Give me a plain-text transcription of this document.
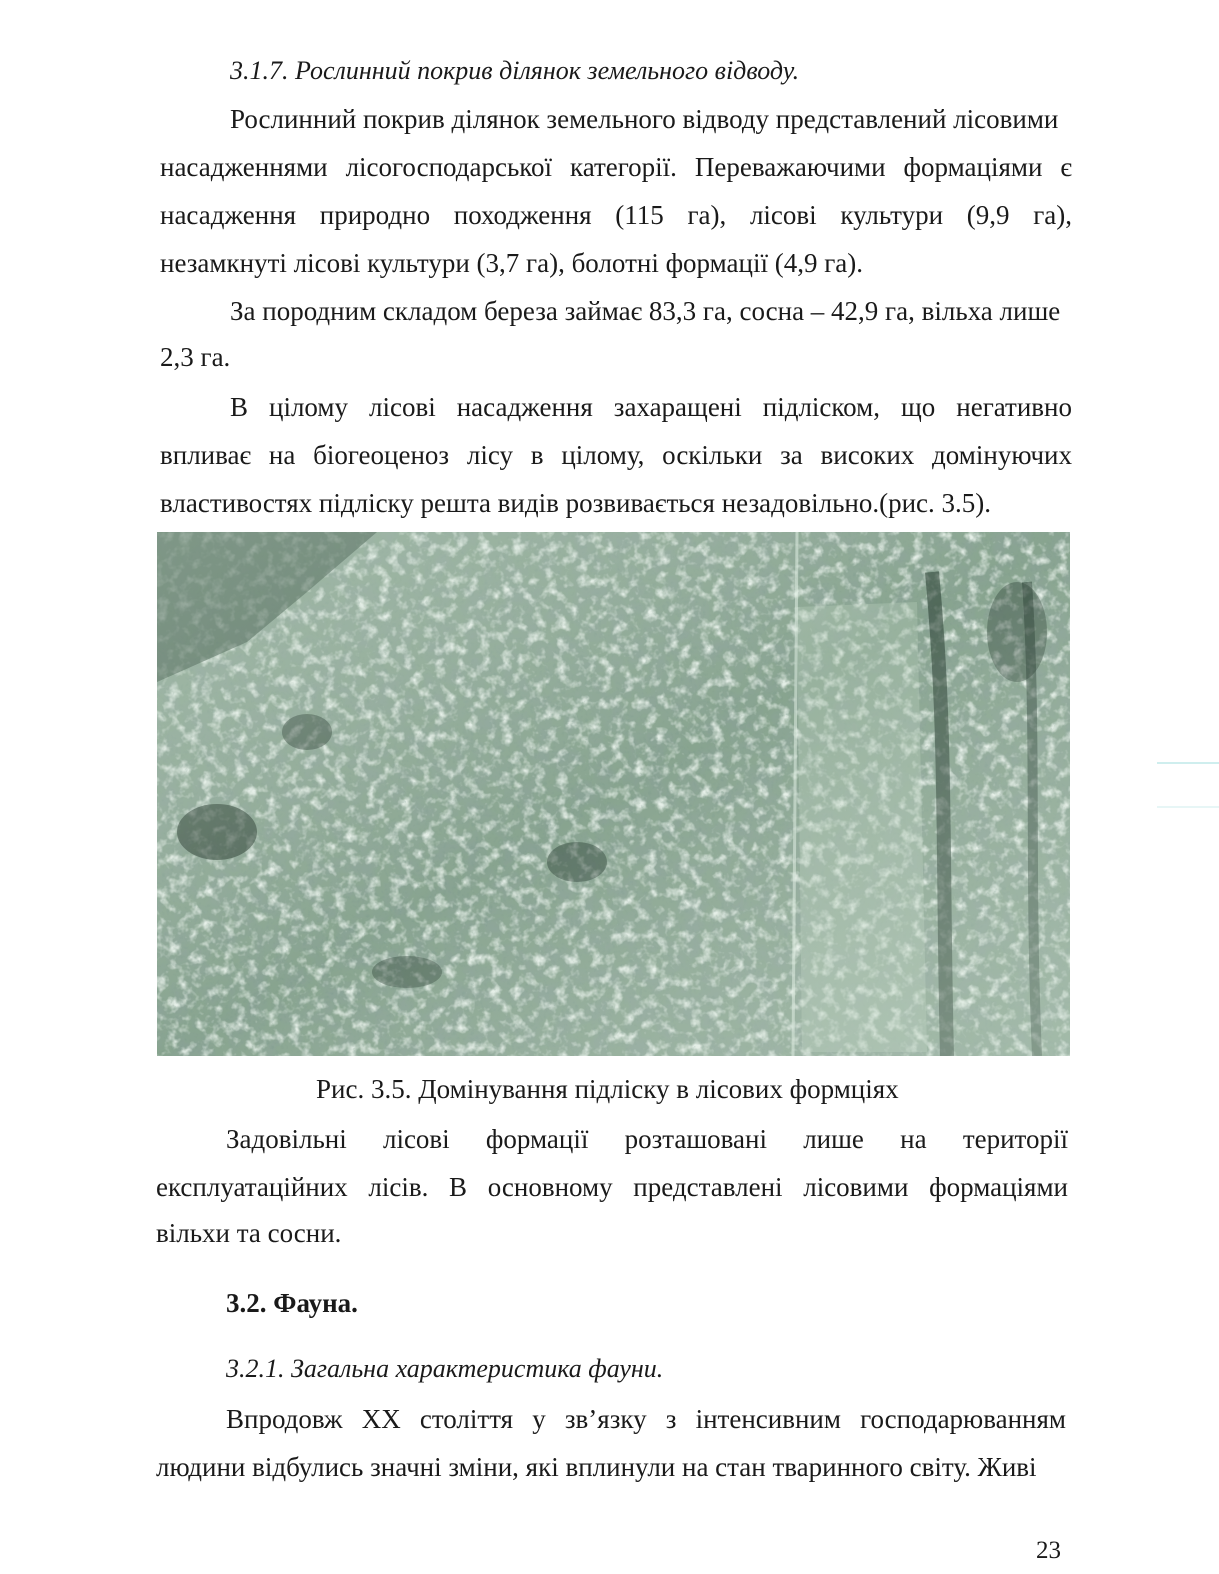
3.1.7. Рослинний покрив ділянок земельного відводу.
Рослинний покрив ділянок земельного відводу представлений лісовими
насадженнями лісогосподарської категорії. Переважаючими формаціями є
насадження природно походження (115 га), лісові культури (9,9 га),
незамкнуті лісові культури (3,7 га), болотні формації (4,9 га).
За породним складом береза займає 83,3 га, сосна – 42,9 га, вільха лише
2,3 га.
В цілому лісові насадження захаращені підліском, що негативно
впливає на біогеоценоз лісу в цілому, оскільки за високих домінуючих
властивостях підліску решта видів розвивається незадовільно.(рис. 3.5).
Рис. 3.5. Домінування підліску в лісових формціях
Задовільні лісові формації розташовані лише на території
експлуатаційних лісів. В основному представлені лісовими формаціями
вільхи та сосни.
3.2. Фауна.
3.2.1. Загальна характеристика фауни.
Впродовж XX століття у зв’язку з інтенсивним господарюванням
людини відбулись значні зміни, які вплинули на стан тваринного світу. Живі
23
